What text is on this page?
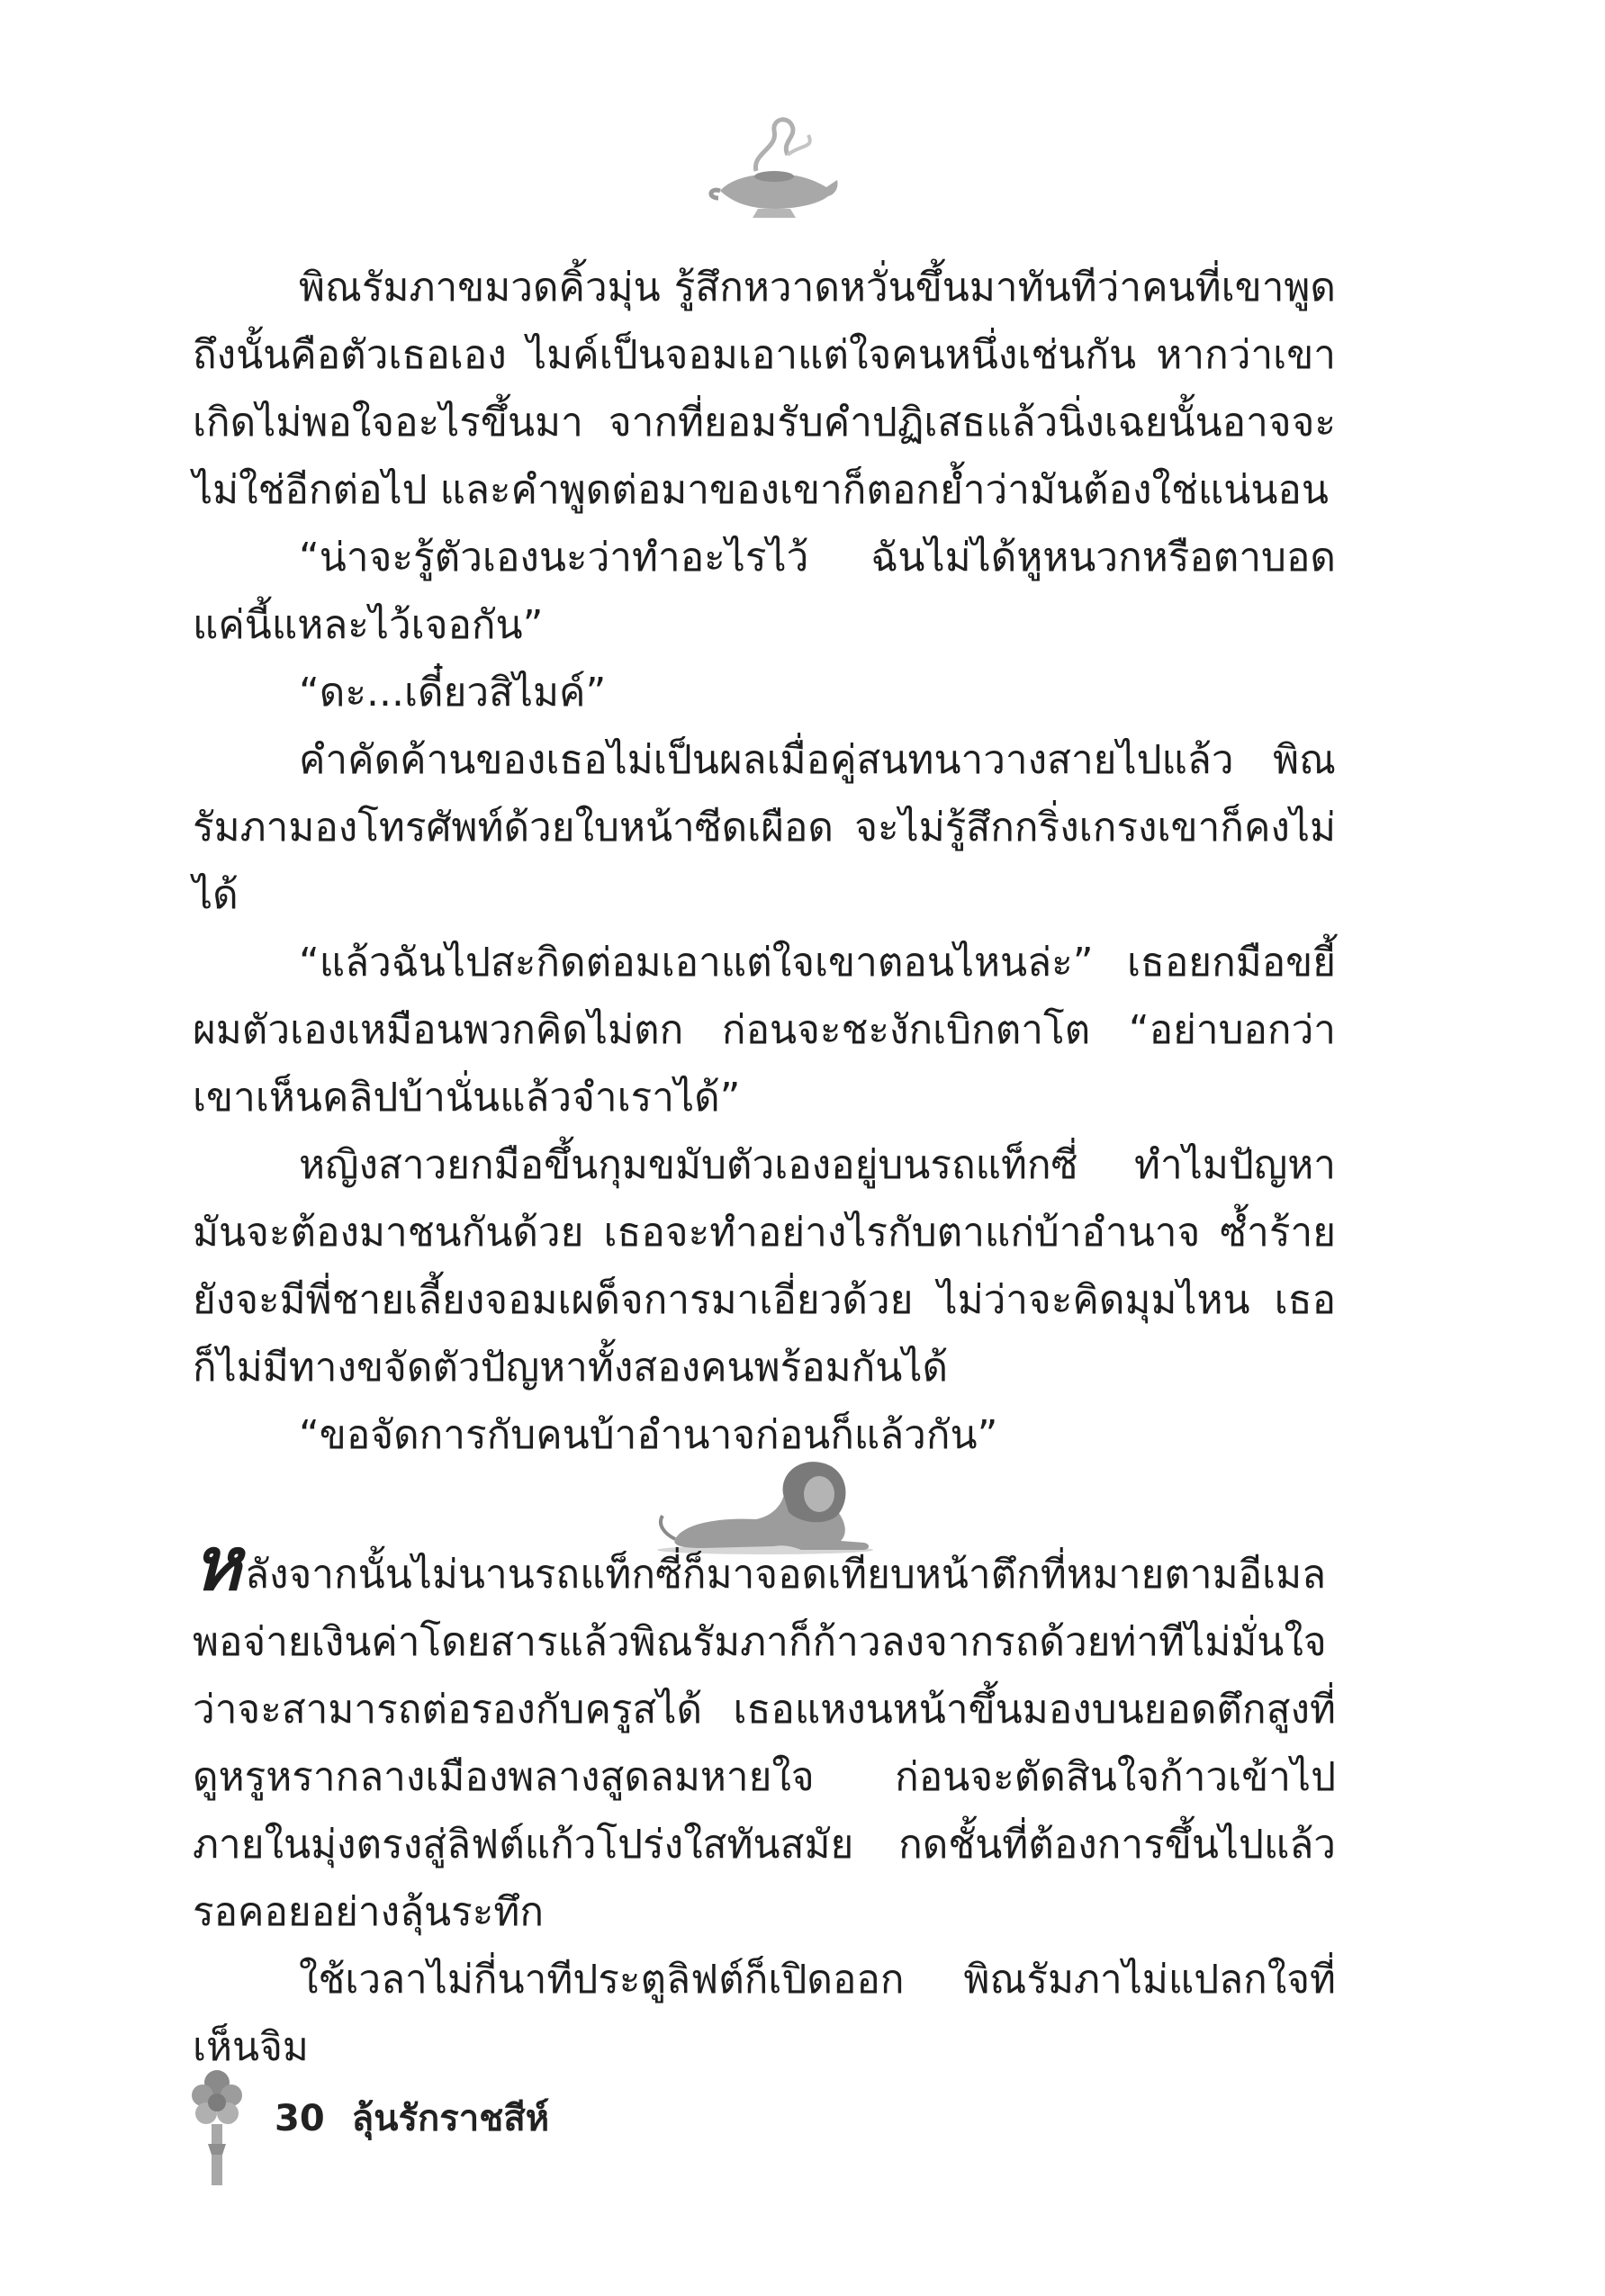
พิณรัมภาขมวดคิ้วมุ่น รู้สึกหวาดหวั่นขึ้นมาทันทีว่าคนที่เขาพูดถึงนั้นคือตัวเธอเอง ไมค์เป็นจอมเอาแต่ใจคนหนึ่งเช่นกัน หากว่าเขาเกิดไม่พอใจอะไรขึ้นมา จากที่ยอมรับคำปฏิเสธแล้วนิ่งเฉยนั้นอาจจะไม่ใช่อีกต่อไป และคำพูดต่อมาของเขาก็ตอกย้ำว่ามันต้องใช่แน่นอน

“น่าจะรู้ตัวเองนะว่าทำอะไรไว้ ฉันไม่ได้หูหนวกหรือตาบอด แค่นี้แหละไว้เจอกัน”

“ดะ...เดี๋ยวสิไมค์”

คำคัดค้านของเธอไม่เป็นผลเมื่อคู่สนทนาวางสายไปแล้ว พิณรัมภามองโทรศัพท์ด้วยใบหน้าซีดเผือด จะไม่รู้สึกกริ่งเกรงเขาก็คงไม่ได้

“แล้วฉันไปสะกิดต่อมเอาแต่ใจเขาตอนไหนล่ะ” เธอยกมือขยี้ผมตัวเองเหมือนพวกคิดไม่ตก ก่อนจะชะงักเบิกตาโต “อย่าบอกว่าเขาเห็นคลิปบ้านั่นแล้วจำเราได้”

หญิงสาวยกมือขึ้นกุมขมับตัวเองอยู่บนรถแท็กซี่ ทำไมปัญหามันจะต้องมาชนกันด้วย เธอจะทำอย่างไรกับตาแก่บ้าอำนาจ ซ้ำร้ายยังจะมีพี่ชายเลี้ยงจอมเผด็จการมาเอี่ยวด้วย ไม่ว่าจะคิดมุมไหน เธอก็ไม่มีทางขจัดตัวปัญหาทั้งสองคนพร้อมกันได้

“ขอจัดการกับคนบ้าอำนาจก่อนก็แล้วกัน”

หลังจากนั้นไม่นานรถแท็กซี่ก็มาจอดเทียบหน้าตึกที่หมายตามอีเมล พอจ่ายเงินค่าโดยสารแล้วพิณรัมภาก็ก้าวลงจากรถด้วยท่าทีไม่มั่นใจว่าจะสามารถต่อรองกับครูสได้ เธอแหงนหน้าขึ้นมองบนยอดตึกสูงที่ดูหรูหรากลางเมืองพลางสูดลมหายใจ ก่อนจะตัดสินใจก้าวเข้าไปภายในมุ่งตรงสู่ลิฟต์แก้วโปร่งใสทันสมัย กดชั้นที่ต้องการขึ้นไปแล้วรอคอยอย่างลุ้นระทึก

ใช้เวลาไม่กี่นาทีประตูลิฟต์ก็เปิดออก พิณรัมภาไม่แปลกใจที่เห็นจิม

30 ลุ้นรักราชสีห์
